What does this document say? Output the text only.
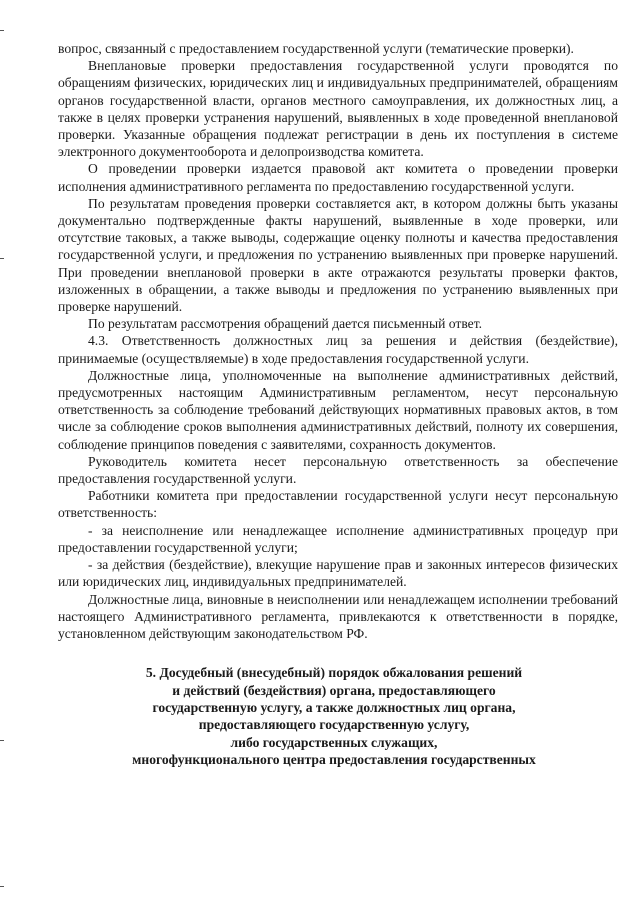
вопрос, связанный с предоставлением государственной услуги (тематические проверки).

Внеплановые проверки предоставления государственной услуги проводятся по обращениям физических, юридических лиц и индивидуальных предпринимателей, обращениям органов государственной власти, органов местного самоуправления, их должностных лиц, а также в целях проверки устранения нарушений, выявленных в ходе проведенной внеплановой проверки. Указанные обращения подлежат регистрации в день их поступления в системе электронного документооборота и делопроизводства комитета.

О проведении проверки издается правовой акт комитета о проведении проверки исполнения административного регламента по предоставлению государственной услуги.

По результатам проведения проверки составляется акт, в котором должны быть указаны документально подтвержденные факты нарушений, выявленные в ходе проверки, или отсутствие таковых, а также выводы, содержащие оценку полноты и качества предоставления государственной услуги, и предложения по устранению выявленных при проверке нарушений. При проведении внеплановой проверки в акте отражаются результаты проверки фактов, изложенных в обращении, а также выводы и предложения по устранению выявленных при проверке нарушений.

По результатам рассмотрения обращений дается письменный ответ.

4.3. Ответственность должностных лиц за решения и действия (бездействие), принимаемые (осуществляемые) в ходе предоставления государственной услуги.

Должностные лица, уполномоченные на выполнение административных действий, предусмотренных настоящим Административным регламентом, несут персональную ответственность за соблюдение требований действующих нормативных правовых актов, в том числе за соблюдение сроков выполнения административных действий, полноту их совершения, соблюдение принципов поведения с заявителями, сохранность документов.

Руководитель комитета несет персональную ответственность за обеспечение предоставления государственной услуги.

Работники комитета при предоставлении государственной услуги несут персональную ответственность:

- за неисполнение или ненадлежащее исполнение административных процедур при предоставлении государственной услуги;

- за действия (бездействие), влекущие нарушение прав и законных интересов физических или юридических лиц, индивидуальных предпринимателей.

Должностные лица, виновные в неисполнении или ненадлежащем исполнении требований настоящего Административного регламента, привлекаются к ответственности в порядке, установленном действующим законодательством РФ.

5. Досудебный (внесудебный) порядок обжалования решений
и действий (бездействия) органа, предоставляющего
государственную услугу, а также должностных лиц органа,
предоставляющего государственную услугу,
либо государственных служащих,
многофункционального центра предоставления государственных
